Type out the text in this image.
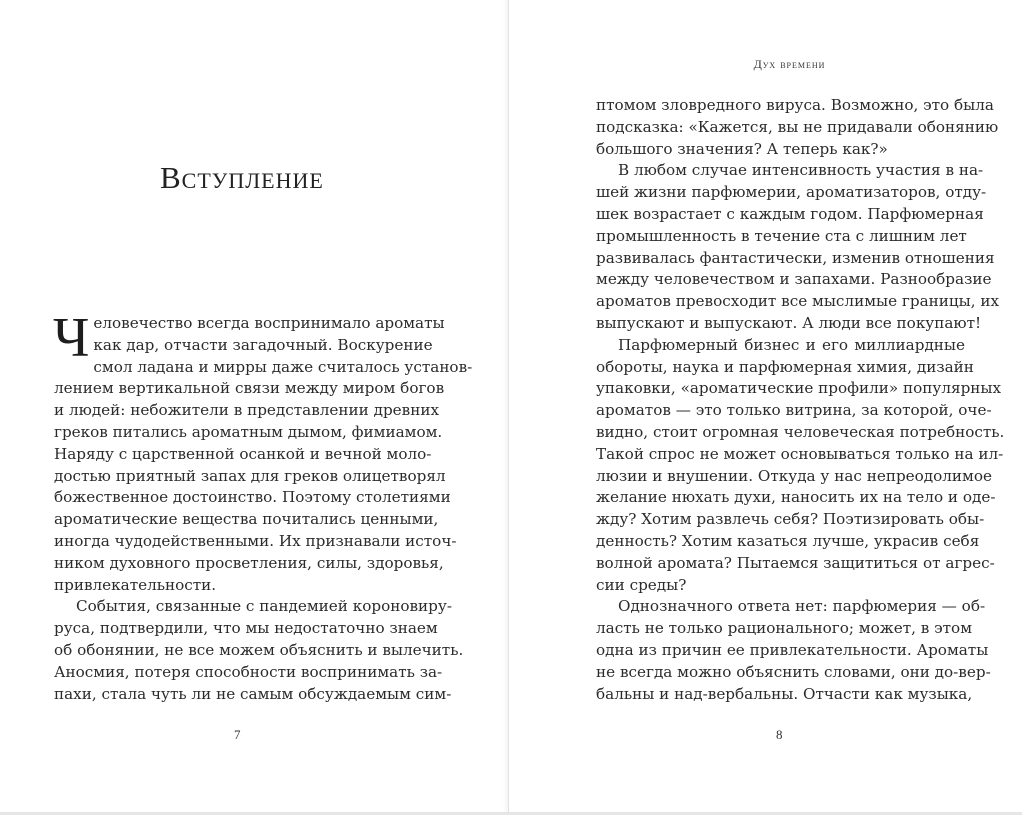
Вступление
Ч еловечество всегда воспринимало ароматы
как дар, отчасти загадочный. Воскурение
смол ладана и мирры даже считалось установ-
лением вертикальной связи между миром богов
и людей: небожители в представлении древних
греков питались ароматным дымом, фимиамом.
Наряду с царственной осанкой и вечной моло-
достью приятный запах для греков олицетворял
божественное достоинство. Поэтому столетиями
ароматические вещества почитались ценными,
иногда чудодейственными. Их признавали источ-
ником духовного просветления, силы, здоровья,
привлекательности.
События, связанные с пандемией короновиру-
руса, подтвердили, что мы недостаточно знаем
об обонянии, не все можем объяснить и вылечить.
Аносмия, потеря способности воспринимать за-
пахи, стала чуть ли не самым обсуждаемым сим-
7
Дух времени
птомом зловредного вируса. Возможно, это была
подсказка: «Кажется, вы не придавали обонянию
большого значения? А теперь как?»
В любом случае интенсивность участия в на-
шей жизни парфюмерии, ароматизаторов, отду-
шек возрастает с каждым годом. Парфюмерная
промышленность в течение ста с лишним лет
развивалась фантастически, изменив отношения
между человечеством и запахами. Разнообразие
ароматов превосходит все мыслимые границы, их
выпускают и выпускают. А люди все покупают!
Парфюмерный бизнес и его миллиардные
обороты, наука и парфюмерная химия, дизайн
упаковки, «ароматические профили» популярных
ароматов — это только витрина, за которой, оче-
видно, стоит огромная человеческая потребность.
Такой спрос не может основываться только на ил-
люзии и внушении. Откуда у нас непреодолимое
желание нюхать духи, наносить их на тело и оде-
жду? Хотим развлечь себя? Поэтизировать обы-
денность? Хотим казаться лучше, украсив себя
волной аромата? Пытаемся защититься от агрес-
сии среды?
Однозначного ответа нет: парфюмерия — об-
ласть не только рационального; может, в этом
одна из причин ее привлекательности. Ароматы
не всегда можно объяснить словами, они до-вер-
бальны и над-вербальны. Отчасти как музыка,
8
